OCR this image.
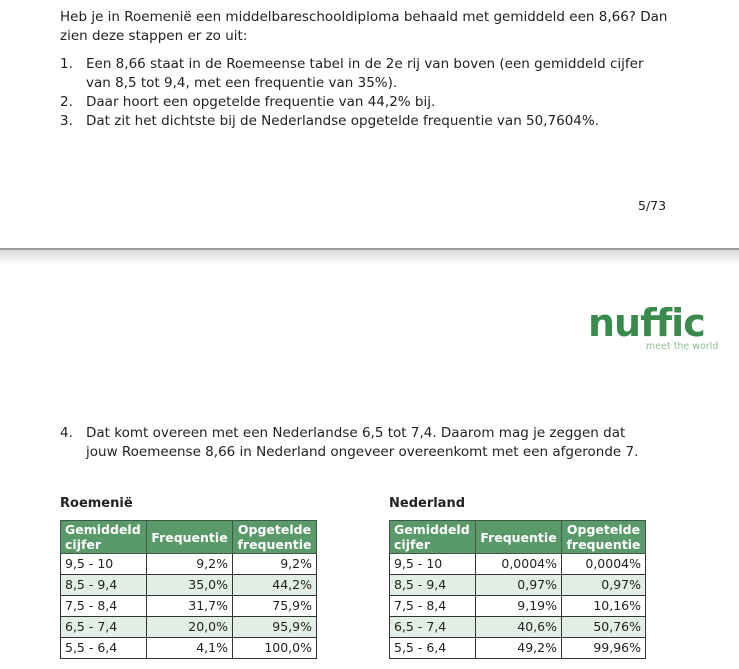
Heb je in Roemenië een middelbareschooldiploma behaald met gemiddeld een 8,66? Dan zien deze stappen er zo uit:
1. Een 8,66 staat in de Roemeense tabel in de 2e rij van boven (een gemiddeld cijfer van 8,5 tot 9,4, met een frequentie van 35%).
2. Daar hoort een opgetelde frequentie van 44,2% bij.
3. Dat zit het dichtste bij de Nederlandse opgetelde frequentie van 50,7604%.
5/73
nuffic
meet the world
4. Dat komt overeen met een Nederlandse 6,5 tot 7,4. Daarom mag je zeggen dat jouw Roemeense 8,66 in Nederland ongeveer overeenkomt met een afgeronde 7.
Roemenië
Gemiddeld cijfer	Frequentie	Opgetelde frequentie
9,5 - 10	9,2%	9,2%
8,5 - 9,4	35,0%	44,2%
7,5 - 8,4	31,7%	75,9%
6,5 - 7,4	20,0%	95,9%
5,5 - 6,4	4,1%	100,0%
Nederland
Gemiddeld cijfer	Frequentie	Opgetelde frequentie
9,5 - 10	0,0004%	0,0004%
8,5 - 9,4	0,97%	0,97%
7,5 - 8,4	9,19%	10,16%
6,5 - 7,4	40,6%	50,76%
5,5 - 6,4	49,2%	99,96%
